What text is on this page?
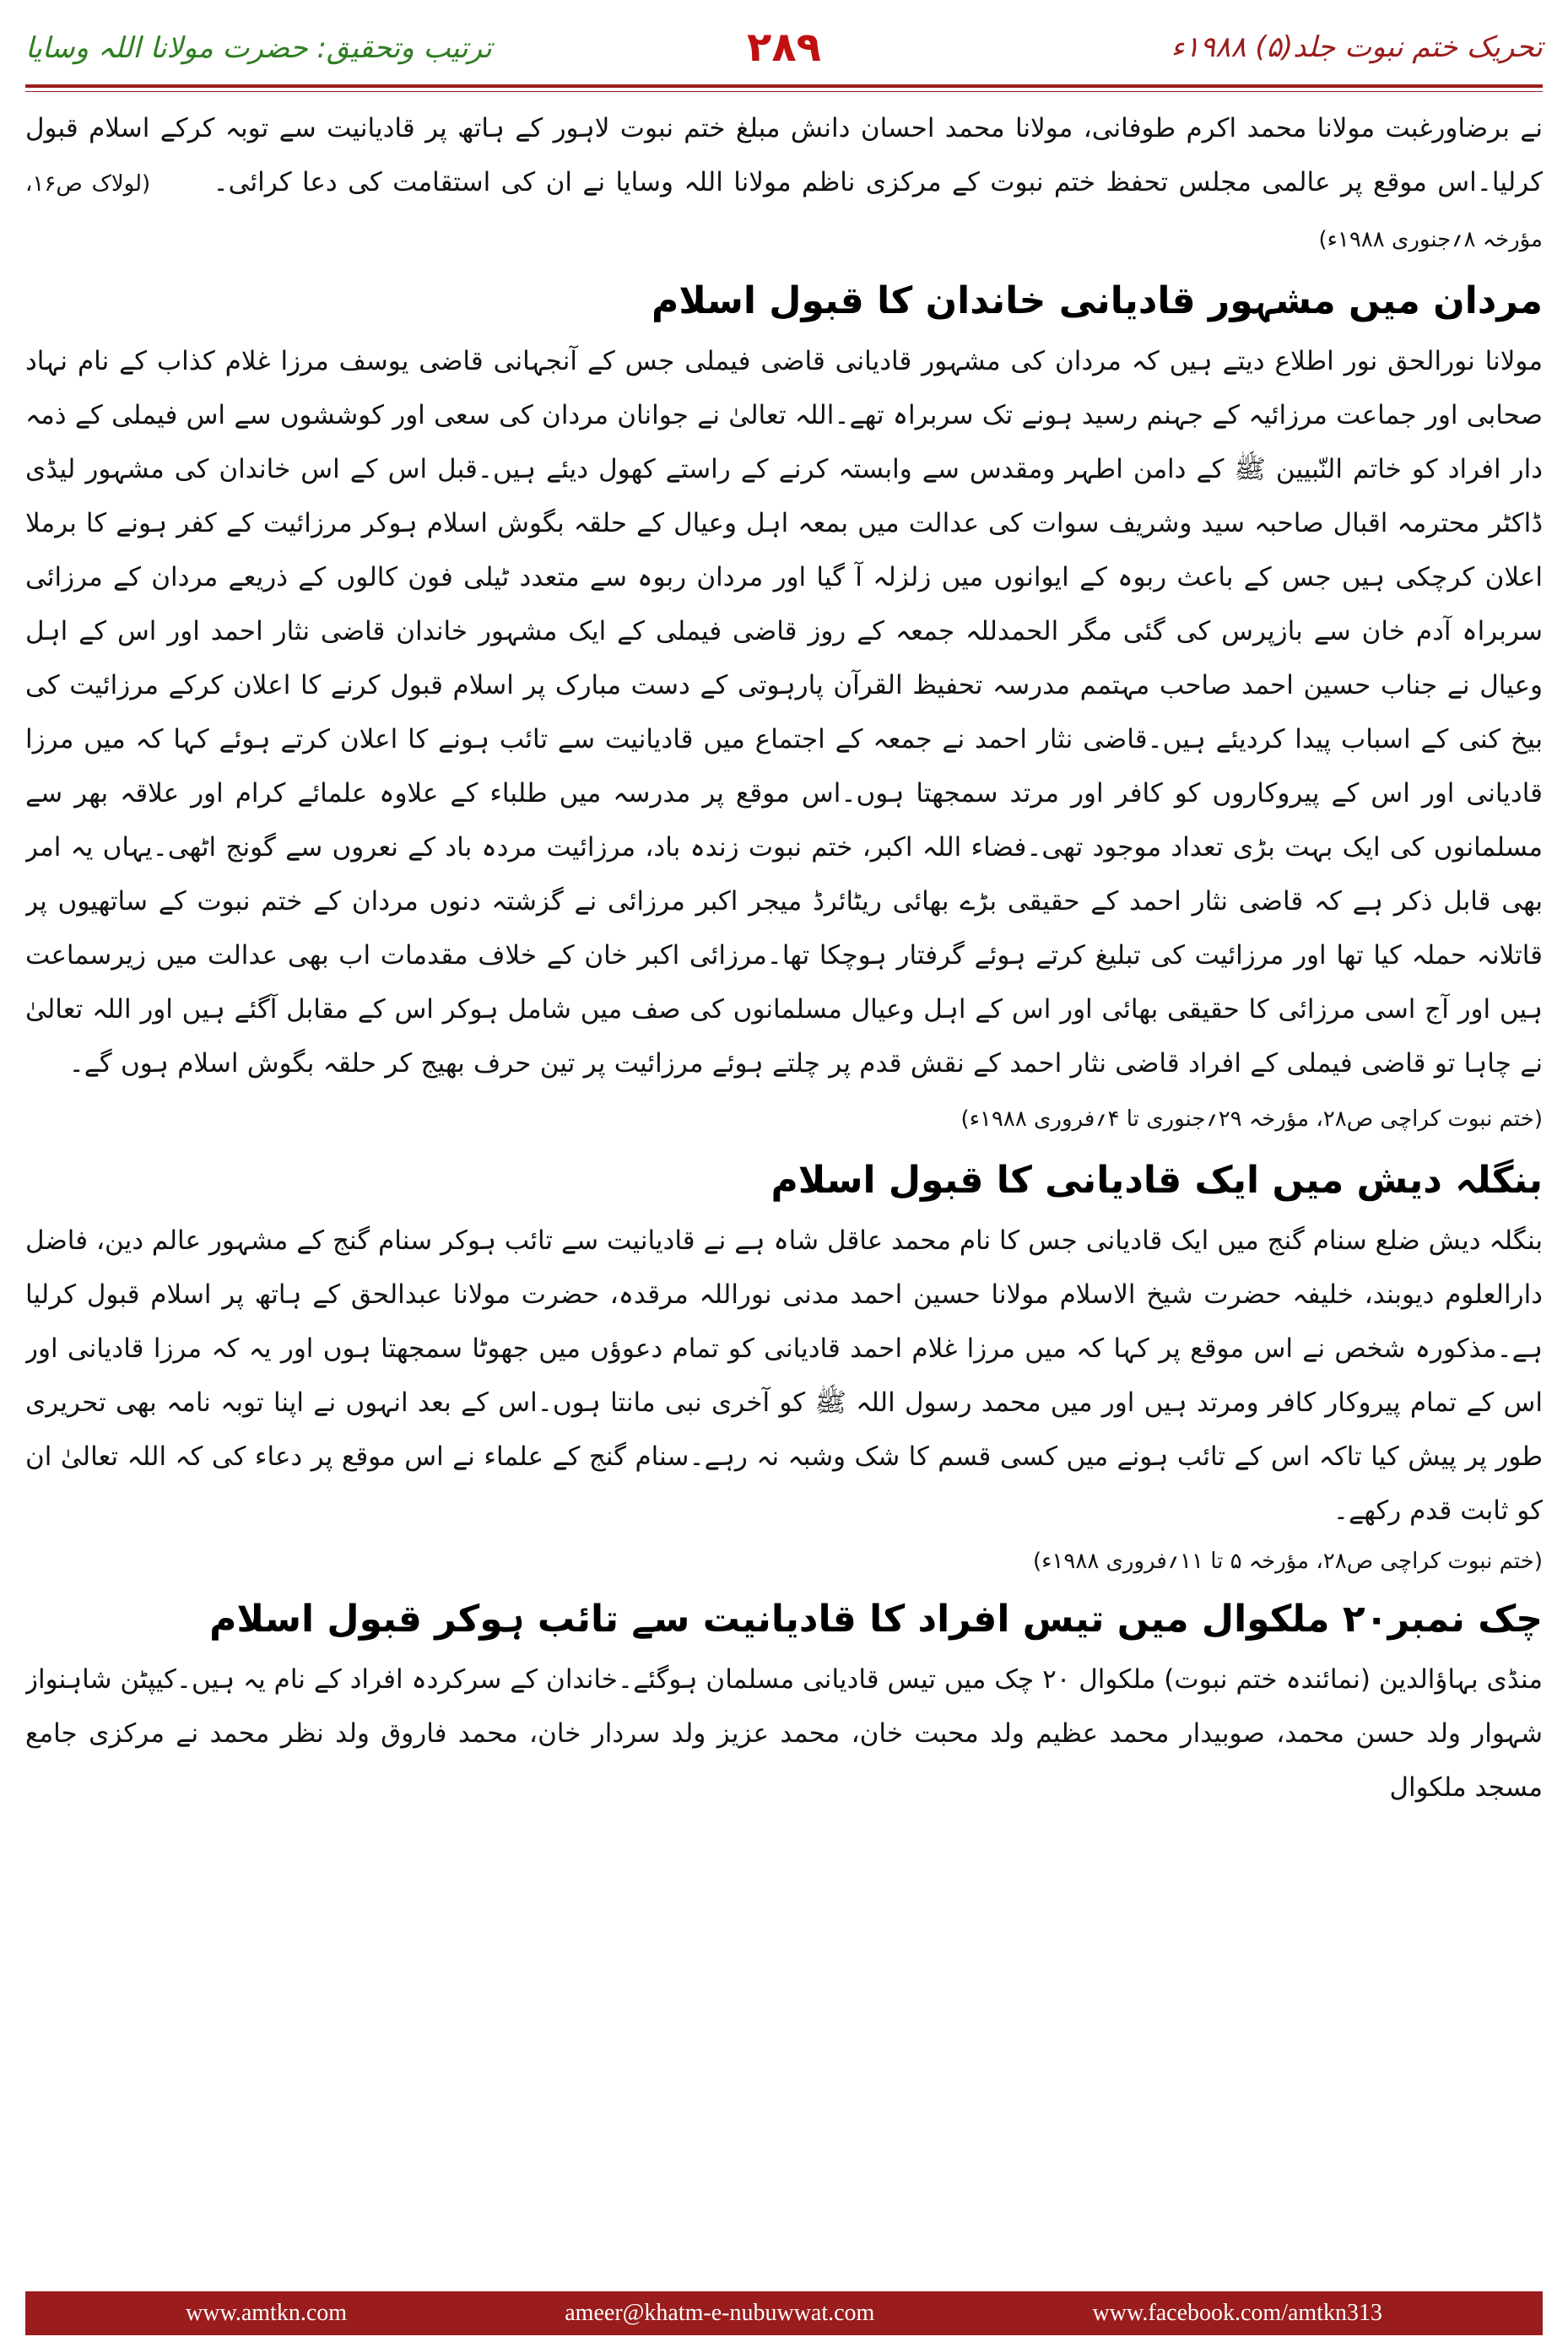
تحریک ختم نبوت جلد(۵) ۱۹۸۸ء
۲۸۹
ترتیب وتحقیق: حضرت مولانا اللہ وسایا

نے برضاورغبت مولانا محمد اکرم طوفانی، مولانا محمد احسان دانش مبلغ ختم نبوت لاہور کے ہاتھ پر قادیانیت سے توبہ کرکے اسلام قبول کرلیا۔اس موقع پر عالمی مجلس تحفظ ختم نبوت کے مرکزی ناظم مولانا اللہ وسایا نے ان کی استقامت کی دعا کرائی۔      (لولاک ص۱۶، مؤرخہ ۸؍جنوری ۱۹۸۸ء)

مردان میں مشہور قادیانی خاندان کا قبول اسلام

مولانا نورالحق نور اطلاع دیتے ہیں کہ مردان کی مشہور قادیانی قاضی فیملی جس کے آنجہانی قاضی یوسف مرزا غلام کذاب کے نام نہاد صحابی اور جماعت مرزائیہ کے جہنم رسید ہونے تک سربراہ تھے۔اللہ تعالیٰ نے جوانان مردان کی سعی اور کوششوں سے اس فیملی کے ذمہ دار افراد کو خاتم النّبیین ﷺ کے دامن اطہر ومقدس سے وابستہ کرنے کے راستے کھول دیئے ہیں۔قبل اس کے اس خاندان کی مشہور لیڈی ڈاکٹر محترمہ اقبال صاحبہ سید وشریف سوات کی عدالت میں بمعہ اہل وعیال کے حلقہ بگوش اسلام ہوکر مرزائیت کے کفر ہونے کا برملا اعلان کرچکی ہیں جس کے باعث ربوہ کے ایوانوں میں زلزلہ آ گیا اور مردان ربوہ سے متعدد ٹیلی فون کالوں کے ذریعے مردان کے مرزائی سربراہ آدم خان سے بازپرس کی گئی مگر الحمدللہ جمعہ کے روز قاضی فیملی کے ایک مشہور خاندان قاضی نثار احمد اور اس کے اہل وعیال نے جناب حسین احمد صاحب مہتمم مدرسہ تحفیظ القرآن پارہوتی کے دست مبارک پر اسلام قبول کرنے کا اعلان کرکے مرزائیت کی بیخ کنی کے اسباب پیدا کردیئے ہیں۔قاضی نثار احمد نے جمعہ کے اجتماع میں قادیانیت سے تائب ہونے کا اعلان کرتے ہوئے کہا کہ میں مرزا قادیانی اور اس کے پیروکاروں کو کافر اور مرتد سمجھتا ہوں۔اس موقع پر مدرسہ میں طلباء کے علاوہ علمائے کرام اور علاقہ بھر سے مسلمانوں کی ایک بہت بڑی تعداد موجود تھی۔فضاء اللہ اکبر، ختم نبوت زندہ باد، مرزائیت مردہ باد کے نعروں سے گونج اٹھی۔یہاں یہ امر بھی قابل ذکر ہے کہ قاضی نثار احمد کے حقیقی بڑے بھائی ریٹائرڈ میجر اکبر مرزائی نے گزشتہ دنوں مردان کے ختم نبوت کے ساتھیوں پر قاتلانہ حملہ کیا تھا اور مرزائیت کی تبلیغ کرتے ہوئے گرفتار ہوچکا تھا۔مرزائی اکبر خان کے خلاف مقدمات اب بھی عدالت میں زیرسماعت ہیں اور آج اسی مرزائی کا حقیقی بھائی اور اس کے اہل وعیال مسلمانوں کی صف میں شامل ہوکر اس کے مقابل آگئے ہیں اور اللہ تعالیٰ نے چاہا تو قاضی فیملی کے افراد قاضی نثار احمد کے نقش قدم پر چلتے ہوئے مرزائیت پر تین حرف بھیج کر حلقہ بگوش اسلام ہوں گے۔      (ختم نبوت کراچی ص۲۸، مؤرخہ ۲۹؍جنوری تا ۴؍فروری ۱۹۸۸ء)

بنگلہ دیش میں ایک قادیانی کا قبول اسلام

بنگلہ دیش ضلع سنام گنج میں ایک قادیانی جس کا نام محمد عاقل شاہ ہے نے قادیانیت سے تائب ہوکر سنام گنج کے مشہور عالم دین، فاضل دارالعلوم دیوبند، خلیفہ حضرت شیخ الاسلام مولانا حسین احمد مدنی نوراللہ مرقدہ، حضرت مولانا عبدالحق کے ہاتھ پر اسلام قبول کرلیا ہے۔مذکورہ شخص نے اس موقع پر کہا کہ میں مرزا غلام احمد قادیانی کو تمام دعوؤں میں جھوٹا سمجھتا ہوں اور یہ کہ مرزا قادیانی اور اس کے تمام پیروکار کافر ومرتد ہیں اور میں محمد رسول اللہ ﷺ کو آخری نبی مانتا ہوں۔اس کے بعد انہوں نے اپنا توبہ نامہ بھی تحریری طور پر پیش کیا تاکہ اس کے تائب ہونے میں کسی قسم کا شک وشبہ نہ رہے۔سنام گنج کے علماء نے اس موقع پر دعاء کی کہ اللہ تعالیٰ ان کو ثابت قدم رکھے۔

(ختم نبوت کراچی ص۲۸، مؤرخہ ۵ تا ۱۱؍فروری ۱۹۸۸ء)

چک نمبر۲۰ ملکوال میں تیس افراد کا قادیانیت سے تائب ہوکر قبول اسلام

منڈی بہاؤالدین (نمائندہ ختم نبوت) ملکوال ۲۰ چک میں تیس قادیانی مسلمان ہوگئے۔خاندان کے سرکردہ افراد کے نام یہ ہیں۔کیپٹن شاہنواز شہوار ولد حسن محمد، صوبیدار محمد عظیم ولد محبت خان، محمد عزیز ولد سردار خان، محمد فاروق ولد نظر محمد نے مرکزی جامع مسجد ملکوال

www.amtkn.com	ameer@khatm-e-nubuwwat.com	www.facebook.com/amtkn313
